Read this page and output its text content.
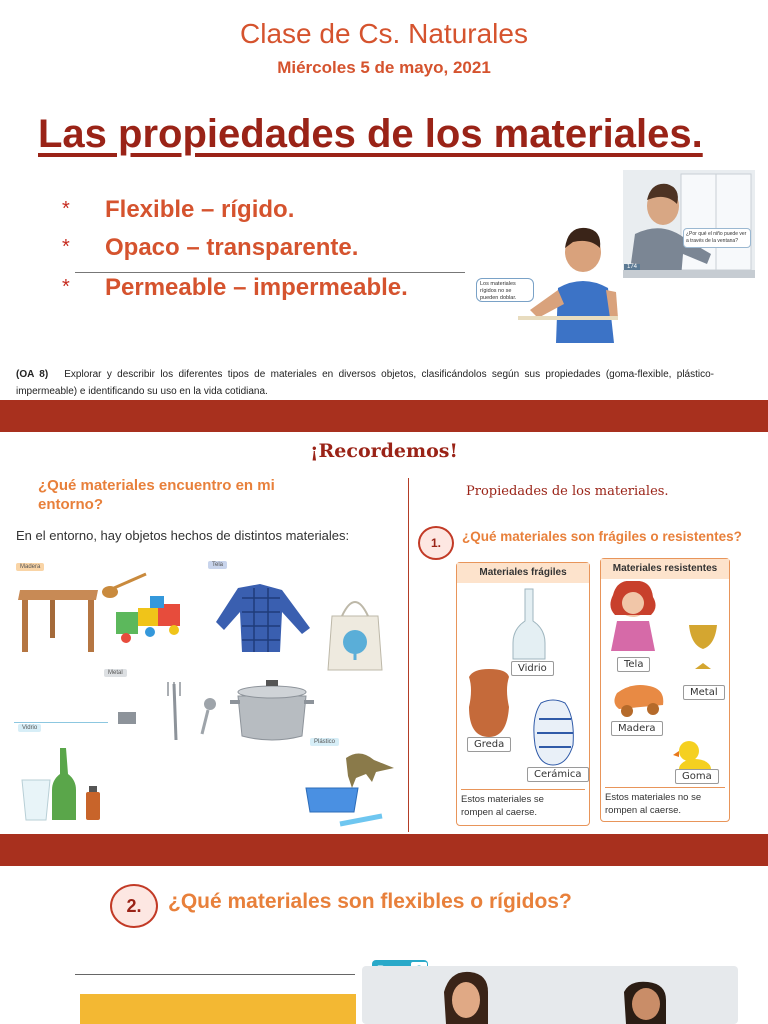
Clase de Cs. Naturales
Miércoles 5 de mayo, 2021
Las propiedades de los materiales.
* Flexible – rígido.
* Opaco – transparente.
* Permeable – impermeable.	Los materiales rígidos no se pueden doblar.
¿Por qué el niño puede ver a través de la ventana?
174
(OA 8) Explorar y describir los diferentes tipos de materiales en diversos objetos, clasificándolos según sus propiedades (goma-flexible, plástico-impermeable) e identificando su uso en la vida cotidiana.
¡Recordemos!
¿Qué materiales encuentro en mi entorno?
En el entorno, hay objetos hechos de distintos materiales:
Madera	Tela
Metal
Vidrio
Plástico
Propiedades de los materiales.
1.	¿Qué materiales son frágiles o resistentes?
Materiales frágiles
Vidrio
Greda
Cerámica
Estos materiales se rompen al caerse.
Materiales resistentes
Tela
Metal
Madera
Goma
Estos materiales no se rompen al caerse.
2.	¿Qué materiales son flexibles o rígidos?
